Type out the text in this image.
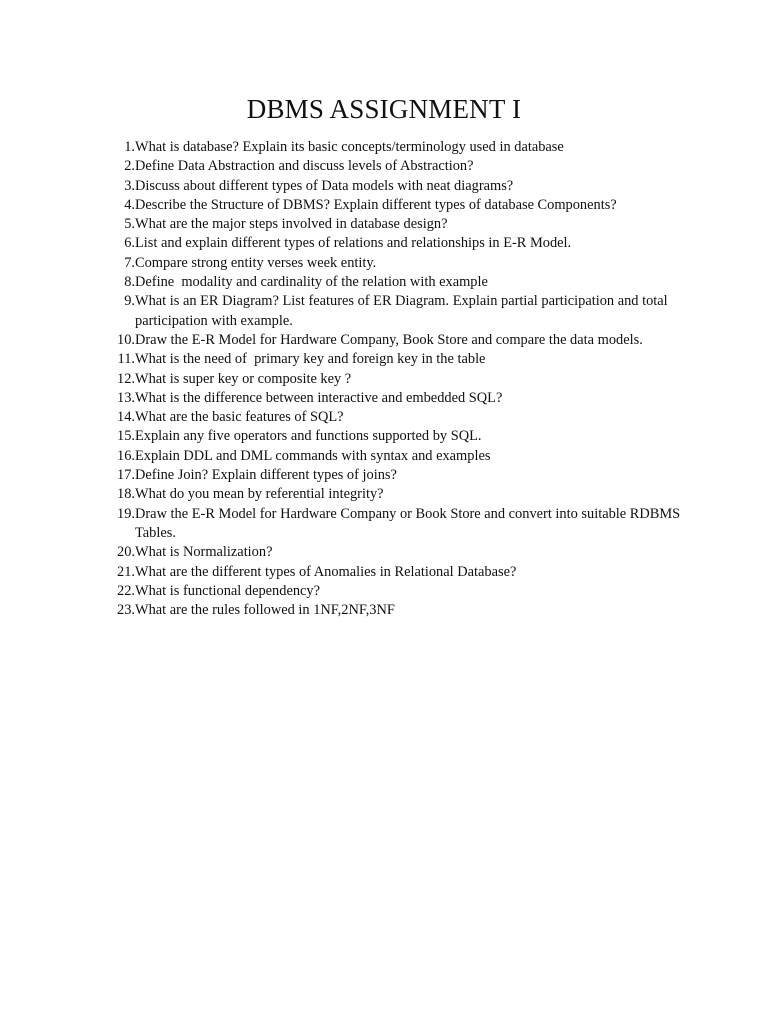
DBMS ASSIGNMENT I
1. What is database? Explain its basic concepts/terminology used in database
2. Define Data Abstraction and discuss levels of Abstraction?
3. Discuss about different types of Data models with neat diagrams?
4. Describe the Structure of DBMS? Explain different types of database Components?
5. What are the major steps involved in database design?
6. List and explain different types of relations and relationships in E-R Model.
7. Compare strong entity verses week entity.
8. Define  modality and cardinality of the relation with example
9. What is an ER Diagram? List features of ER Diagram. Explain partial participation and total participation with example.
10. Draw the E-R Model for Hardware Company, Book Store and compare the data models.
11. What is the need of  primary key and foreign key in the table
12. What is super key or composite key ?
13. What is the difference between interactive and embedded SQL?
14. What are the basic features of SQL?
15. Explain any five operators and functions supported by SQL.
16. Explain DDL and DML commands with syntax and examples
17. Define Join? Explain different types of joins?
18. What do you mean by referential integrity?
19. Draw the E-R Model for Hardware Company or Book Store and convert into suitable RDBMS Tables.
20. What is Normalization?
21. What are the different types of Anomalies in Relational Database?
22. What is functional dependency?
23. What are the rules followed in 1NF,2NF,3NF
